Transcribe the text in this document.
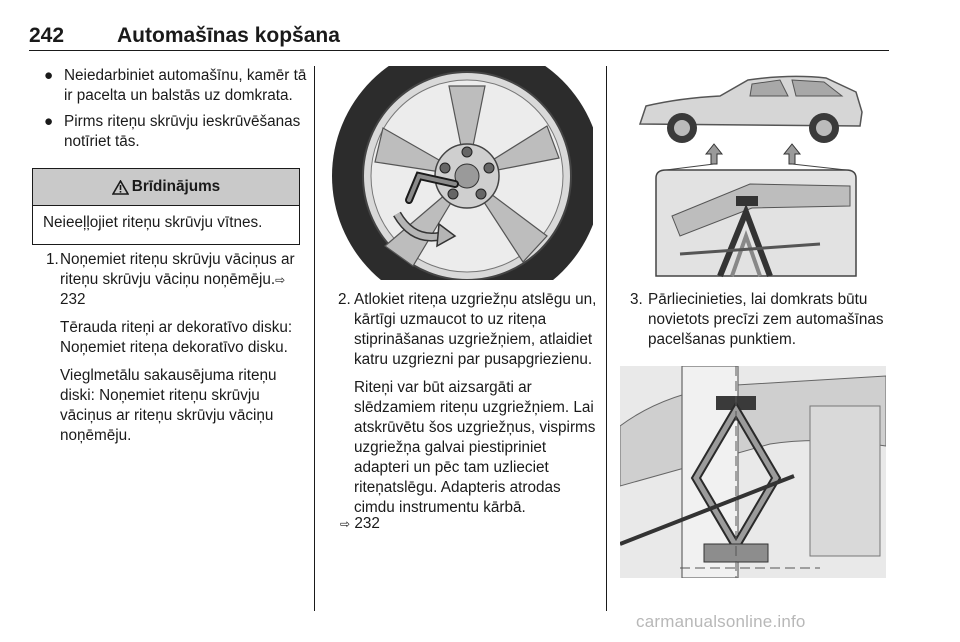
242	Automašīnas kopšana
● Neiedarbiniet automašīnu, kamēr tā ir pacelta un balstās uz domkrata.
● Pirms riteņu skrūvju ieskrūvēšanas notīriet tās.
Brīdinājums
Neieeļļojiet riteņu skrūvju vītnes.
1. Noņemiet riteņu skrūvju vāciņus ar riteņu skrūvju vāciņu noņēmēju.⇨ 232

Tērauda riteņi ar dekoratīvo disku: Noņemiet riteņa dekoratīvo disku.

Vieglmetālu sakausējuma riteņu diski: Noņemiet riteņu skrūvju vāciņus ar riteņu skrūvju vāciņu noņēmēju.

2. Atlokiet riteņa uzgriežņu atslēgu un, kārtīgi uzmaucot to uz riteņa stiprināšanas uzgriežņiem, atlaidiet katru uzgriezni par pusapgriezienu.

Riteņi var būt aizsargāti ar slēdzamiem riteņu uzgriežņiem. Lai atskrūvētu šos uzgriežņus, vispirms uzgriežņa galvai piestipriniet adapteri un pēc tam uzlieciet riteņatslēgu. Adapteris atrodas cimdu instrumentu kārbā.

⇨ 232
3. Pārliecinieties, lai domkrats būtu novietots precīzi zem automašīnas pacelšanas punktiem.

carmanualsonline.info
